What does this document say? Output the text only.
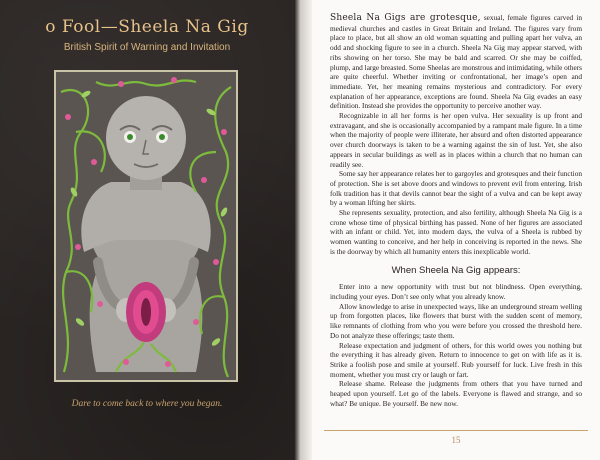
o Fool—Sheela Na Gig
British Spirit of Warning and Invitation
Dare to come back to where you began.

Sheela Na Gigs are grotesque, sexual, female figures carved in medieval churches and castles in Great Britain and Ireland. The figures vary from place to place, but all show an old woman squatting and pulling apart her vulva, an odd and shocking figure to see in a church. Sheela Na Gig may appear starved, with ribs showing on her torso. She may be bald and scarred. Or she may be coiffed, plump, and large breasted. Some Sheelas are monstrous and intimidating, while others are quite cheerful. Whether inviting or confrontational, her image’s open and immediate. Yet, her meaning remains mysterious and contradictory. For every explanation of her appearance, exceptions are found. Sheela Na Gig evades an easy definition. Instead she provides the opportunity to perceive another way.

Recognizable in all her forms is her open vulva. Her sexuality is up front and extravagant, and she is occasionally accompanied by a rampant male figure. In a time when the majority of people were illiterate, her absurd and often distorted appearance over church doorways is taken to be a warning against the sin of lust. Yet, she also appears in secular buildings as well as in places within a church that no human can readily see.

Some say her appearance relates her to gargoyles and grotesques and their function of protection. She is set above doors and windows to prevent evil from entering. Irish folk tradition has it that devils cannot bear the sight of a vulva and can be kept away by a woman lifting her skirts.

She represents sexuality, protection, and also fertility, although Sheela Na Gig is a crone whose time of physical birthing has passed. None of her figures are associated with an infant or child. Yet, into modern days, the vulva of a Sheela is rubbed by women wanting to conceive, and her help in conceiving is reported in the news. She is the doorway by which all humanity enters this inexplicable world.

When Sheela Na Gig appears:

Enter into a new opportunity with trust but not blindness. Open everything, including your eyes. Don’t see only what you already know.

Allow knowledge to arise in unexpected ways, like an underground stream welling up from forgotten places, like flowers that burst with the sudden scent of memory, like remnants of clothing from who you were before you crossed the threshold here. Do not analyze these offerings; taste them.

Release expectation and judgment of others, for this world owes you nothing but the everything it has already given. Return to innocence to get on with life as it is. Strike a foolish pose and smile at yourself. Rub yourself for luck. Live fresh in this moment, whether you must cry or laugh or fart.

Release shame. Release the judgments from others that you have turned and heaped upon yourself. Let go of the labels. Everyone is flawed and strange, and so what? Be unique. Be yourself. Be new now.

15
